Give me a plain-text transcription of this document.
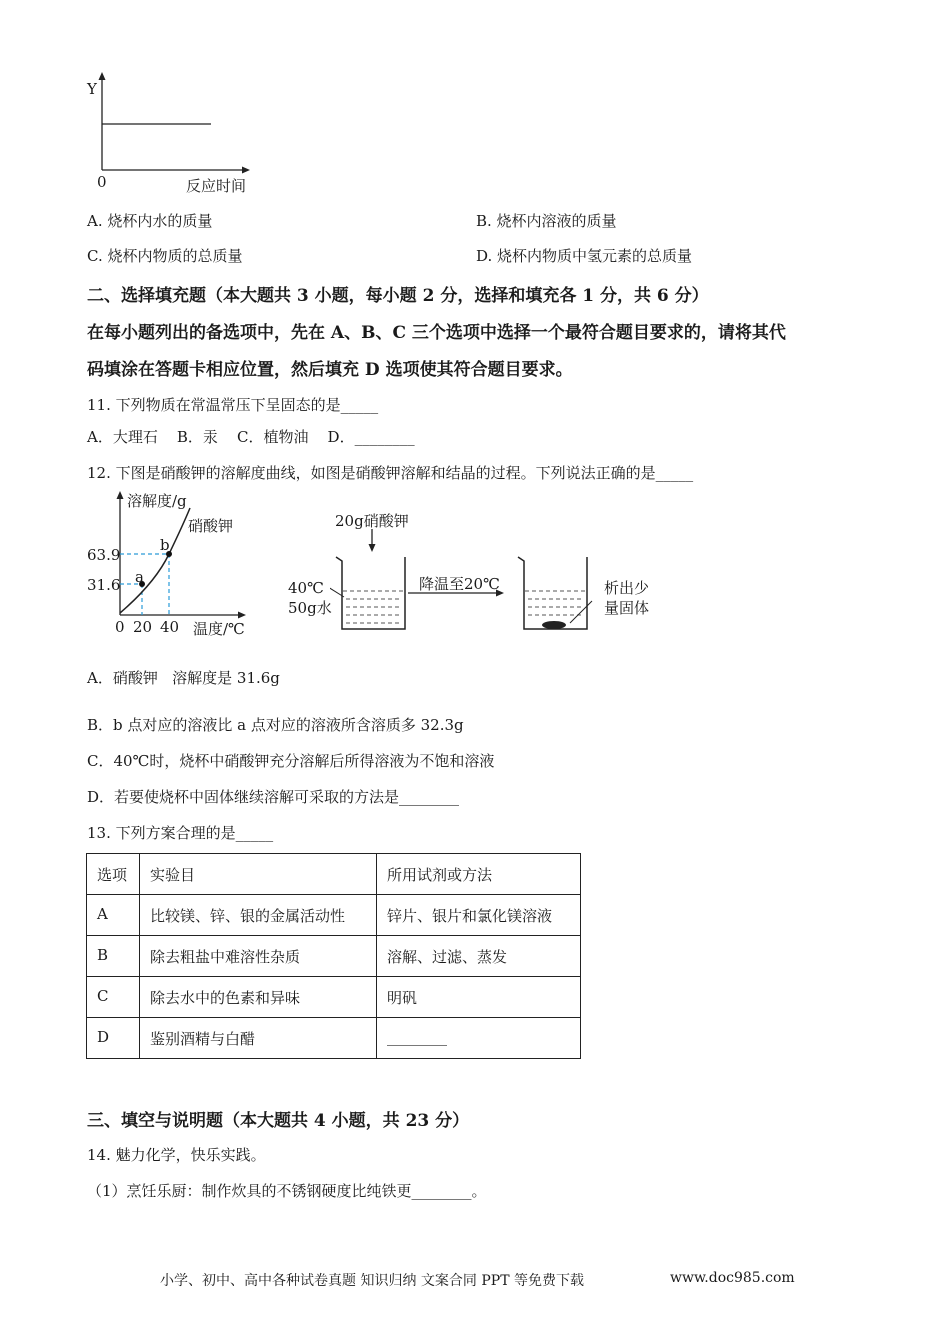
Y
0	反应时间
A. 烧杯内水的质量	B. 烧杯内溶液的质量
C. 烧杯内物质的总质量	D. 烧杯内物质中氢元素的总质量
二、选择填充题（本大题共 3 小题，每小题 2 分，选择和填充各 1 分，共 6 分）
在每小题列出的备选项中，先在 A、B、C 三个选项中选择一个最符合题目要求的，请将其代
码填涂在答题卡相应位置，然后填充 D 选项使其符合题目要求。
11. 下列物质在常温常压下呈固态的是_____
A．大理石    B．汞    C．植物油    D．________
12. 下图是硝酸钾的溶解度曲线，如图是硝酸钾溶解和结晶的过程。下列说法正确的是_____
溶解度/g
硝酸钾
63.9
31.6 a
b
0 20 40 温度/℃
20g硝酸钾
40℃
50g水
降温至20℃	析出少
量固体
A．硝酸钾   溶解度是 31.6g
B．b 点对应的溶液比 a 点对应的溶液所含溶质多 32.3g
C．40℃时，烧杯中硝酸钾充分溶解后所得溶液为不饱和溶液
D．若要使烧杯中固体继续溶解可采取的方法是________
13. 下列方案合理的是_____
选项	实验目	所用试剂或方法
A	比较镁、锌、银的金属活动性	锌片、银片和氯化镁溶液
B	除去粗盐中难溶性杂质	溶解、过滤、蒸发
C	除去水中的色素和异味	明矾
D	鉴别酒精与白醋	________
三、填空与说明题（本大题共 4 小题，共 23 分）
14. 魅力化学，快乐实践。
（1）烹饪乐厨：制作炊具的不锈钢硬度比纯铁更________。
小学、初中、高中各种试卷真题 知识归纳 文案合同 PPT 等免费下载	www.doc985.com
